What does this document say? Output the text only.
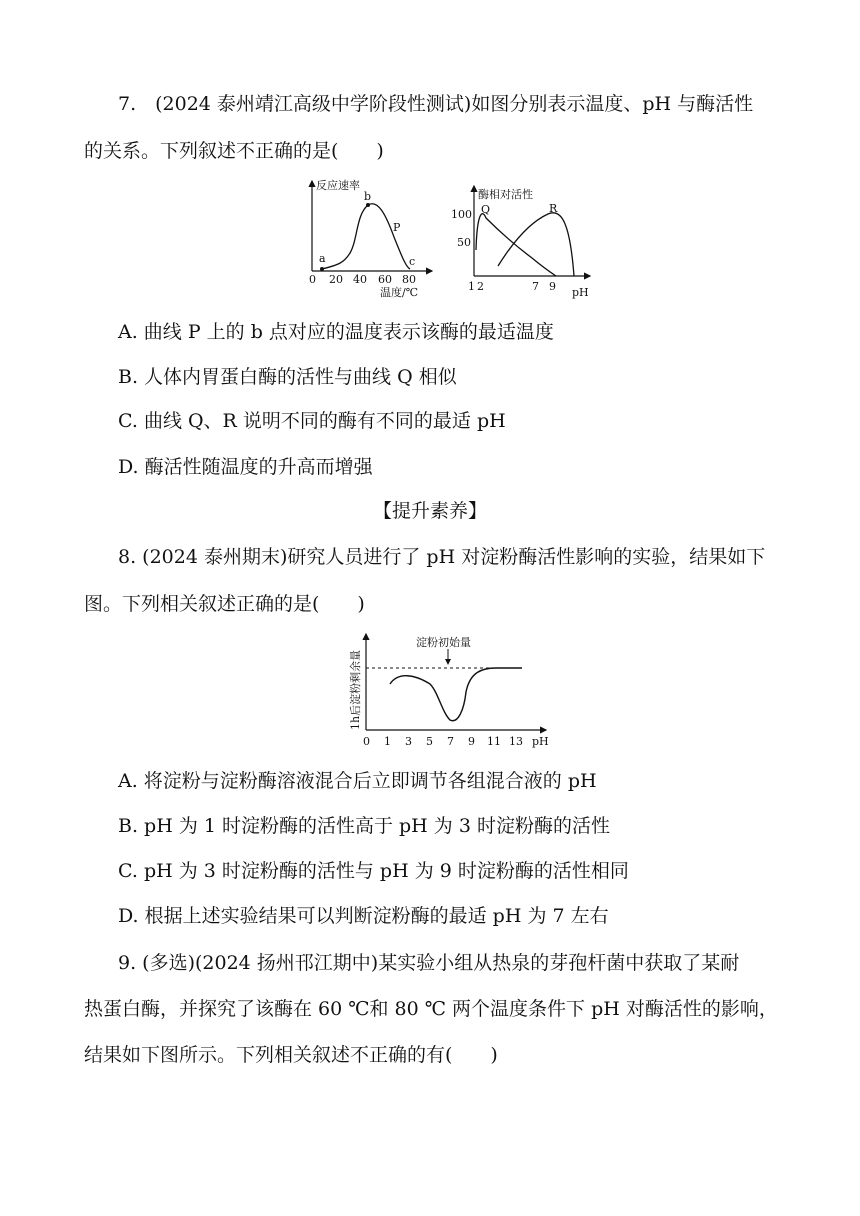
7. (2024 泰州靖江高级中学阶段性测试)如图分别表示温度、pH 与酶活性
的关系。下列叙述不正确的是(  )
反应速率
a
b
c
P
0 20 40 60 80
温度/℃
酶相对活性
100
50
Q	R
1 2	7 9 pH
A. 曲线 P 上的 b 点对应的温度表示该酶的最适温度
B. 人体内胃蛋白酶的活性与曲线 Q 相似
C. 曲线 Q、R 说明不同的酶有不同的最适 pH
D. 酶活性随温度的升高而增强
【提升素养】
8. (2024 泰州期末)研究人员进行了 pH 对淀粉酶活性影响的实验，结果如下
图。下列相关叙述正确的是(  )
1h后淀粉剩余量
淀粉初始量
0 1 3 5 7 9 11 13 pH
A. 将淀粉与淀粉酶溶液混合后立即调节各组混合液的 pH
B. pH 为 1 时淀粉酶的活性高于 pH 为 3 时淀粉酶的活性
C. pH 为 3 时淀粉酶的活性与 pH 为 9 时淀粉酶的活性相同
D. 根据上述实验结果可以判断淀粉酶的最适 pH 为 7 左右
9. (多选)(2024 扬州邗江期中)某实验小组从热泉的芽孢杆菌中获取了某耐
热蛋白酶，并探究了该酶在 60 ℃和 80 ℃ 两个温度条件下 pH 对酶活性的影响，
结果如下图所示。下列相关叙述不正确的有(  )
